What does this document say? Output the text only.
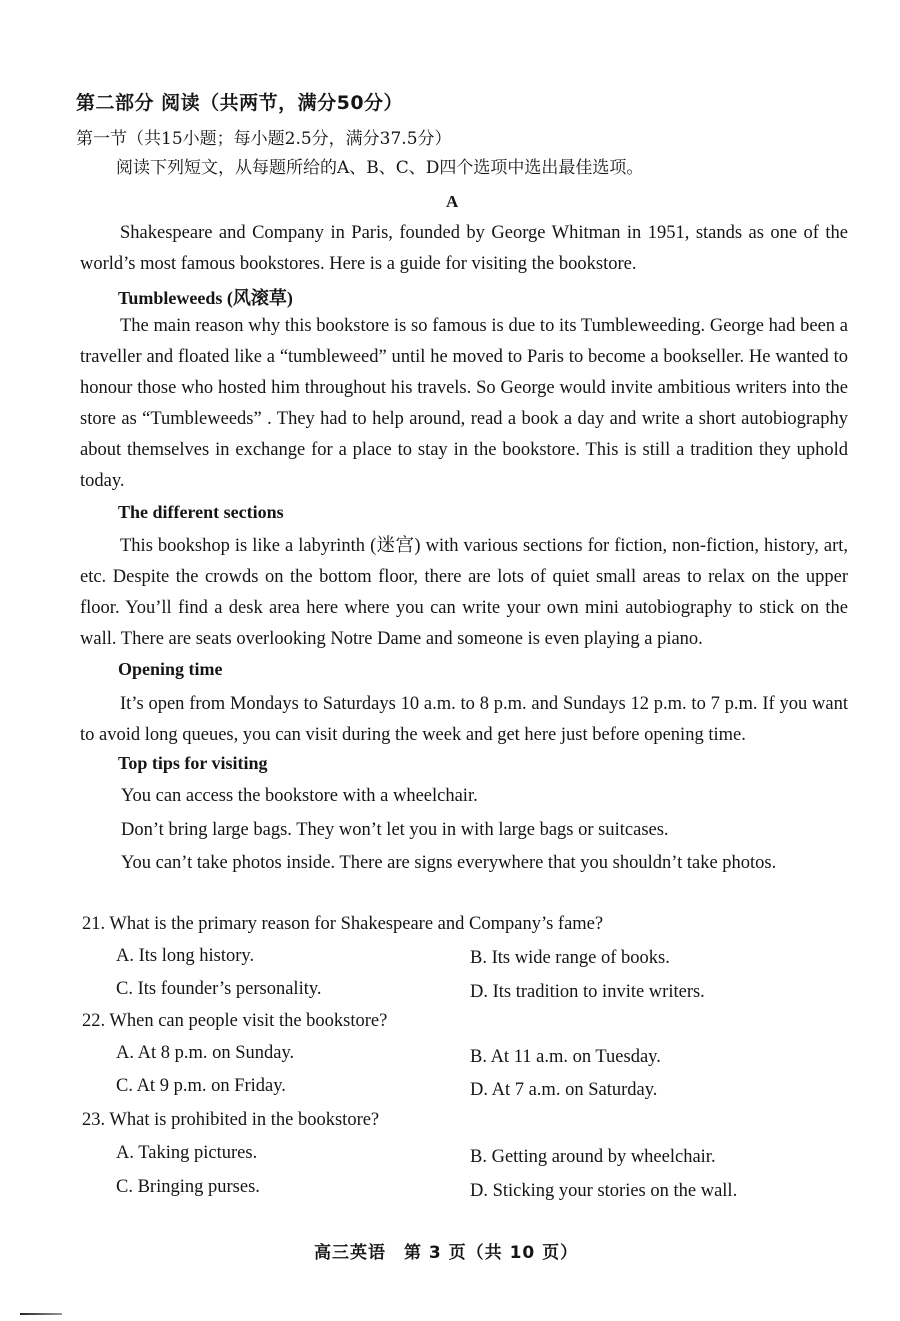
第二部分 阅读（共两节，满分50分）
第一节（共15小题；每小题2.5分，满分37.5分）
阅读下列短文，从每题所给的A、B、C、D四个选项中选出最佳选项。
A
Shakespeare and Company in Paris, founded by George Whitman in 1951, stands as one of the world’s most famous bookstores. Here is a guide for visiting the bookstore.
Tumbleweeds (风滚草)
The main reason why this bookstore is so famous is due to its Tumbleweeding. George had been a traveller and floated like a “tumbleweed” until he moved to Paris to become a bookseller. He wanted to honour those who hosted him throughout his travels. So George would invite ambitious writers into the store as “Tumbleweeds” . They had to help around, read a book a day and write a short autobiography about themselves in exchange for a place to stay in the bookstore. This is still a tradition they uphold today.
The different sections
This bookshop is like a labyrinth (迷宫) with various sections for fiction, non-fiction, history, art, etc. Despite the crowds on the bottom floor, there are lots of quiet small areas to relax on the upper floor. You’ll find a desk area here where you can write your own mini autobiography to stick on the wall. There are seats overlooking Notre Dame and someone is even playing a piano.
Opening time
It’s open from Mondays to Saturdays 10 a.m. to 8 p.m. and Sundays 12 p.m. to 7 p.m. If you want to avoid long queues, you can visit during the week and get here just before opening time.
Top tips for visiting
You can access the bookstore with a wheelchair.
Don’t bring large bags. They won’t let you in with large bags or suitcases.
You can’t take photos inside. There are signs everywhere that you shouldn’t take photos.
21. What is the primary reason for Shakespeare and Company’s fame?
A. Its long history.	B. Its wide range of books.
C. Its founder’s personality.	D. Its tradition to invite writers.
22. When can people visit the bookstore?
A. At 8 p.m. on Sunday.	B. At 11 a.m. on Tuesday.
C. At 9 p.m. on Friday.	D. At 7 a.m. on Saturday.
23. What is prohibited in the bookstore?
A. Taking pictures.	B. Getting around by wheelchair.
C. Bringing purses.	D. Sticking your stories on the wall.
高三英语　第 3 页（共 10 页）
